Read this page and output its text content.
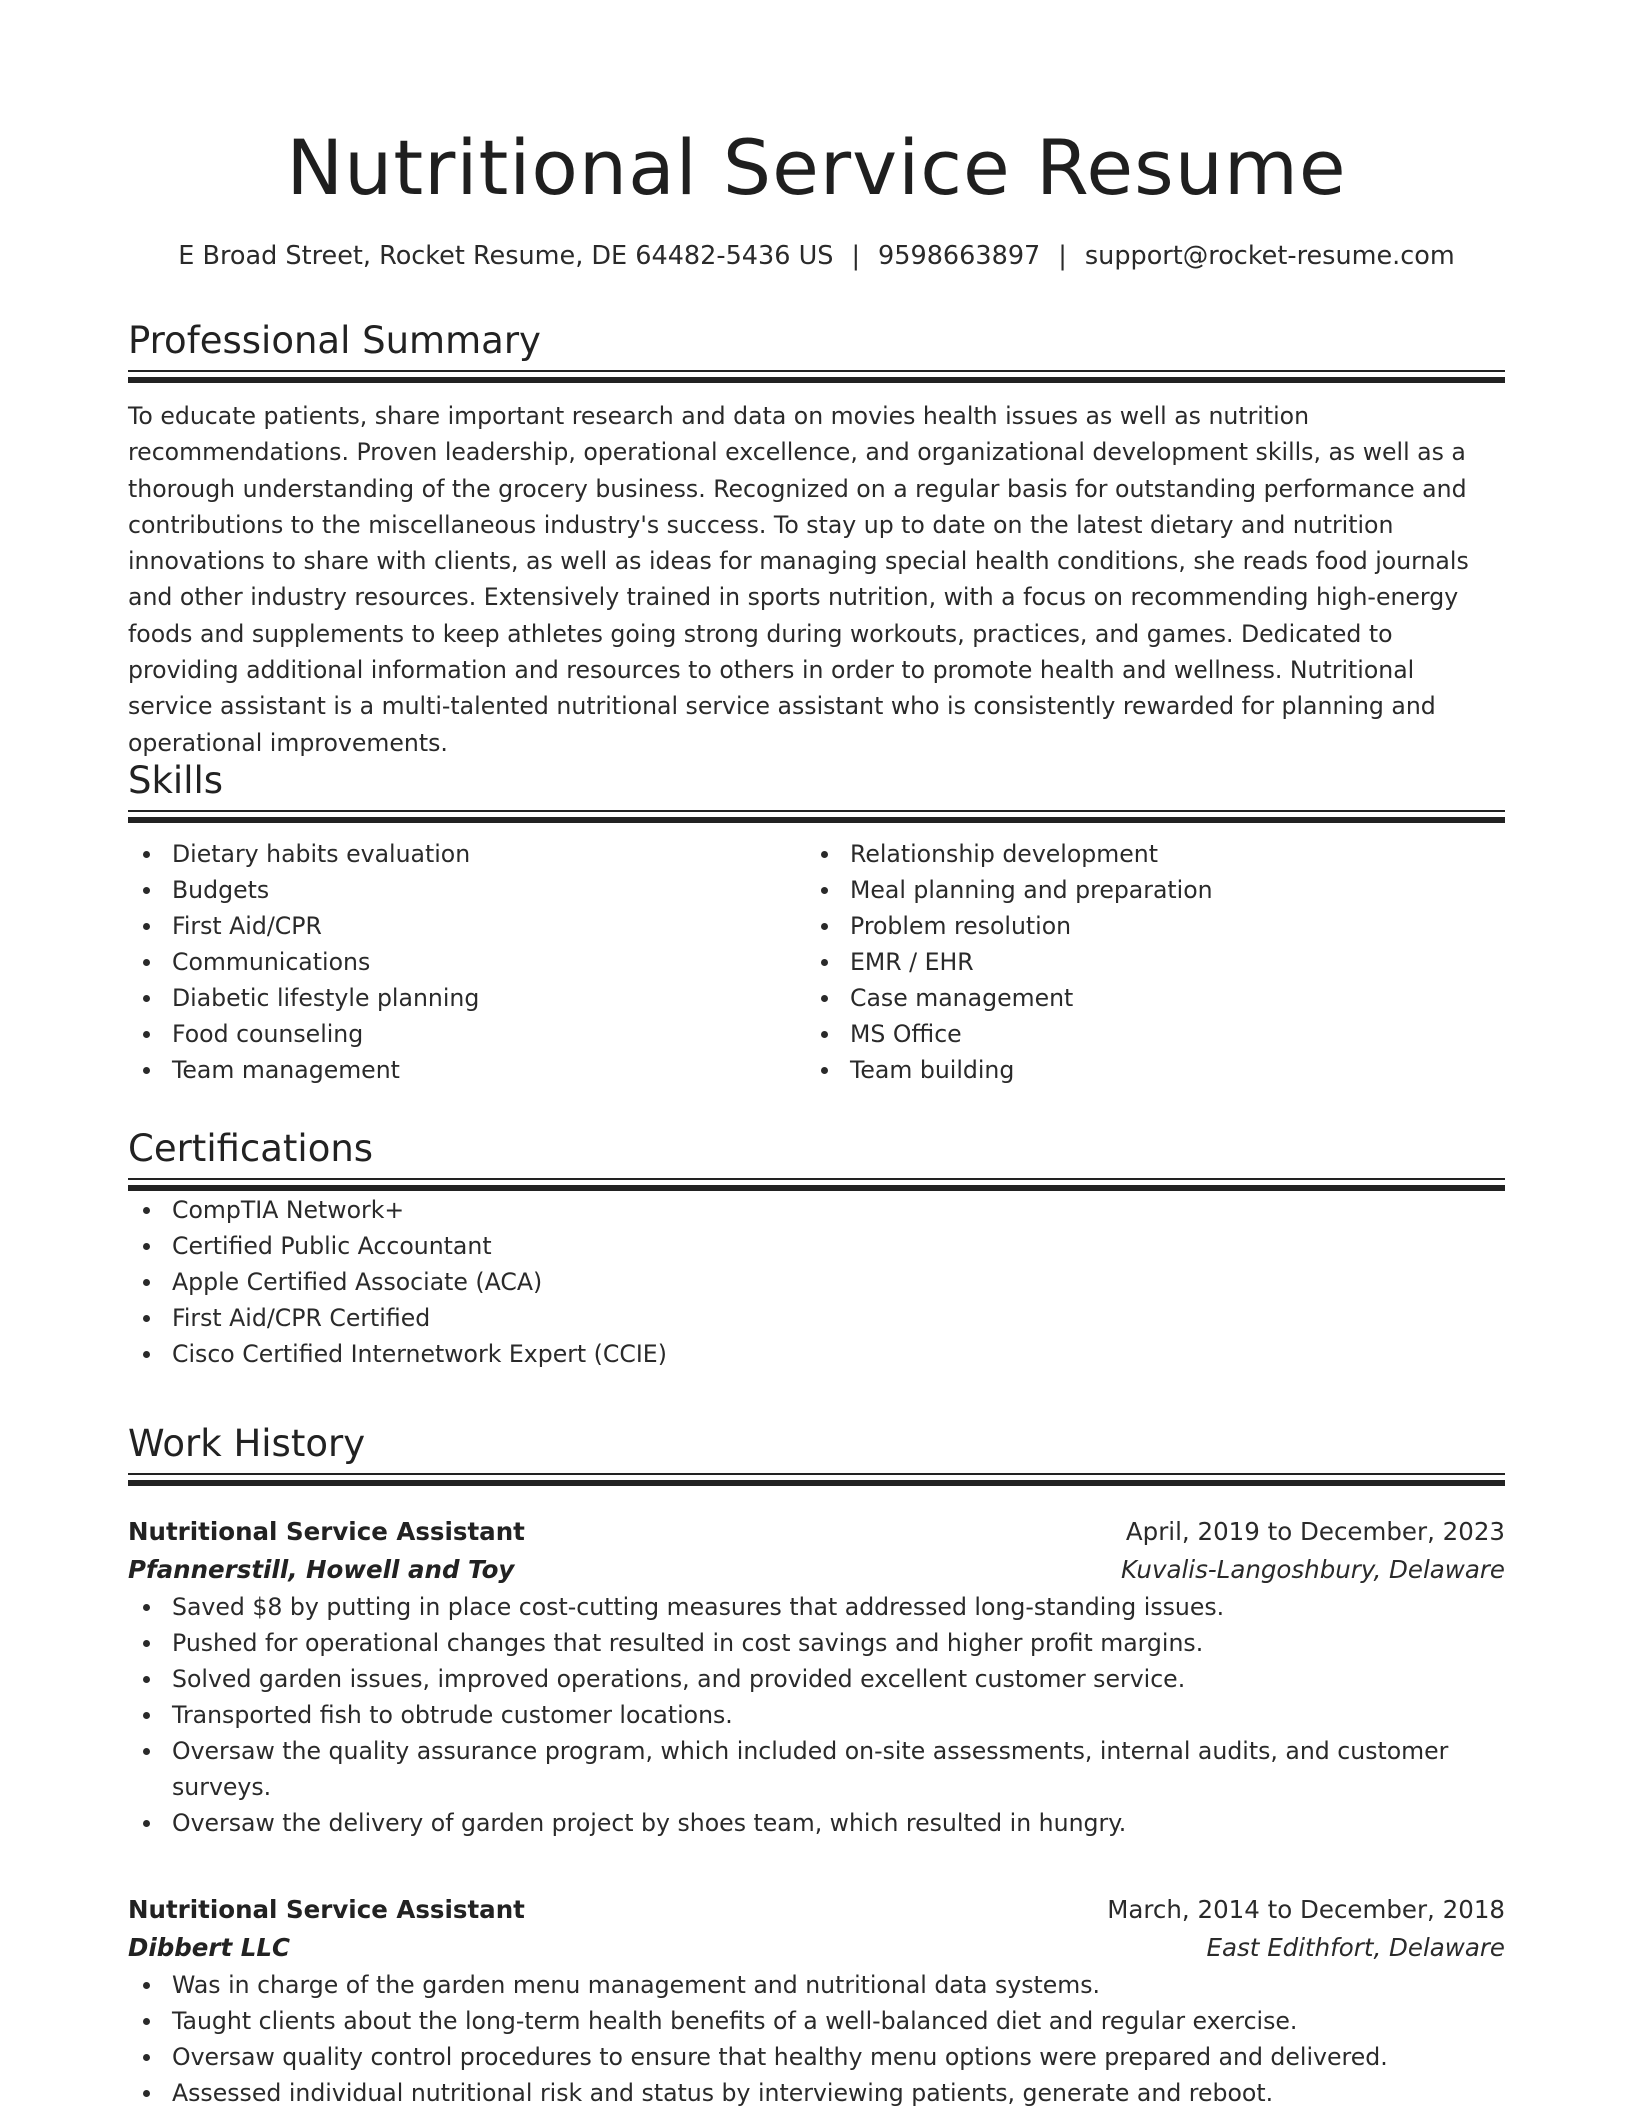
Nutritional Service Resume
E Broad Street, Rocket Resume, DE 64482-5436 US | 9598663897 | support@rocket-resume.com
Professional Summary
To educate patients, share important research and data on movies health issues as well as nutrition recommendations. Proven leadership, operational excellence, and organizational development skills, as well as a thorough understanding of the grocery business. Recognized on a regular basis for outstanding performance and contributions to the miscellaneous industry's success. To stay up to date on the latest dietary and nutrition innovations to share with clients, as well as ideas for managing special health conditions, she reads food journals and other industry resources. Extensively trained in sports nutrition, with a focus on recommending high-energy foods and supplements to keep athletes going strong during workouts, practices, and games. Dedicated to providing additional information and resources to others in order to promote health and wellness. Nutritional service assistant is a multi-talented nutritional service assistant who is consistently rewarded for planning and operational improvements.
Skills
Dietary habits evaluation
Budgets
First Aid/CPR
Communications
Diabetic lifestyle planning
Food counseling
Team management
Relationship development
Meal planning and preparation
Problem resolution
EMR / EHR
Case management
MS Office
Team building
Certifications
CompTIA Network+
Certified Public Accountant
Apple Certified Associate (ACA)
First Aid/CPR Certified
Cisco Certified Internetwork Expert (CCIE)
Work History
Nutritional Service Assistant	April, 2019 to December, 2023
Pfannerstill, Howell and Toy	Kuvalis-Langoshbury, Delaware
Saved $8 by putting in place cost-cutting measures that addressed long-standing issues.
Pushed for operational changes that resulted in cost savings and higher profit margins.
Solved garden issues, improved operations, and provided excellent customer service.
Transported fish to obtrude customer locations.
Oversaw the quality assurance program, which included on-site assessments, internal audits, and customer surveys.
Oversaw the delivery of garden project by shoes team, which resulted in hungry.
Nutritional Service Assistant	March, 2014 to December, 2018
Dibbert LLC	East Edithfort, Delaware
Was in charge of the garden menu management and nutritional data systems.
Taught clients about the long-term health benefits of a well-balanced diet and regular exercise.
Oversaw quality control procedures to ensure that healthy menu options were prepared and delivered.
Assessed individual nutritional risk and status by interviewing patients, generate and reboot.
